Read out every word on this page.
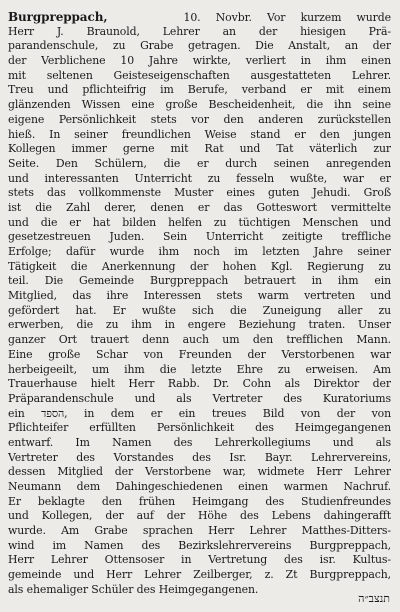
Burgpreppach,	10. Novbr. Vor kurzem wurde
Herr J. Braunold, Lehrer an der hiesigen Prä-
parandenschule, zu Grabe getragen. Die Anstalt, an der
der Verblichene 10 Jahre wirkte, verliert in ihm einen
mit seltenen Geisteseigenschaften ausgestatteten Lehrer.
Treu und pflichteifrig im Berufe, verband er mit einem
glänzenden Wissen eine große Bescheidenheit, die ihn seine
eigene Persönlichkeit stets vor den anderen zurückstellen
hieß. In seiner freundlichen Weise stand er den jungen
Kollegen immer gerne mit Rat und Tat väterlich zur
Seite. Den Schülern, die er durch seinen anregenden
und interessanten Unterricht zu fesseln wußte, war er
stets das vollkommenste Muster eines guten Jehudi. Groß
ist die Zahl derer, denen er das Gotteswort vermittelte
und die er hat bilden helfen zu tüchtigen Menschen und
gesetzestreuen Juden. Sein Unterricht zeitigte treffliche
Erfolge; dafür wurde ihm noch im letzten Jahre seiner
Tätigkeit die Anerkennung der hohen Kgl. Regierung zu
teil. Die Gemeinde Burgpreppach betrauert in ihm ein
Mitglied, das ihre Interessen stets warm vertreten und
gefördert hat. Er wußte sich die Zuneigung aller zu
erwerben, die zu ihm in engere Beziehung traten. Unser
ganzer Ort trauert denn auch um den trefflichen Mann.
Eine große Schar von Freunden der Verstorbenen war
herbeigeeilt, um ihm die letzte Ehre zu erweisen. Am
Trauerhause hielt Herr Rabb. Dr. Cohn als Direktor der
Präparandenschule und als Vertreter des Kuratoriums
ein הספד, in dem er ein treues Bild von der von
Pflichteifer erfüllten Persönlichkeit des Heimgegangenen
entwarf. Im Namen des Lehrerkollegiums und als
Vertreter des Vorstandes des Isr. Bayr. Lehrervereins,
dessen Mitglied der Verstorbene war, widmete Herr Lehrer
Neumann dem Dahingeschiedenen einen warmen Nachruf.
Er beklagte den frühen Heimgang des Studienfreundes
und Kollegen, der auf der Höhe des Lebens dahingerafft
wurde. Am Grabe sprachen Herr Lehrer Matthes-Ditters-
wind im Namen des Bezirkslehrervereins Burgpreppach,
Herr Lehrer Ottensoser in Vertretung des isr. Kultus-
gemeinde und Herr Lehrer Zeilberger, z. Zt Burgpreppach,
als ehemaliger Schüler des Heimgegangenen.
תנצב״ה
